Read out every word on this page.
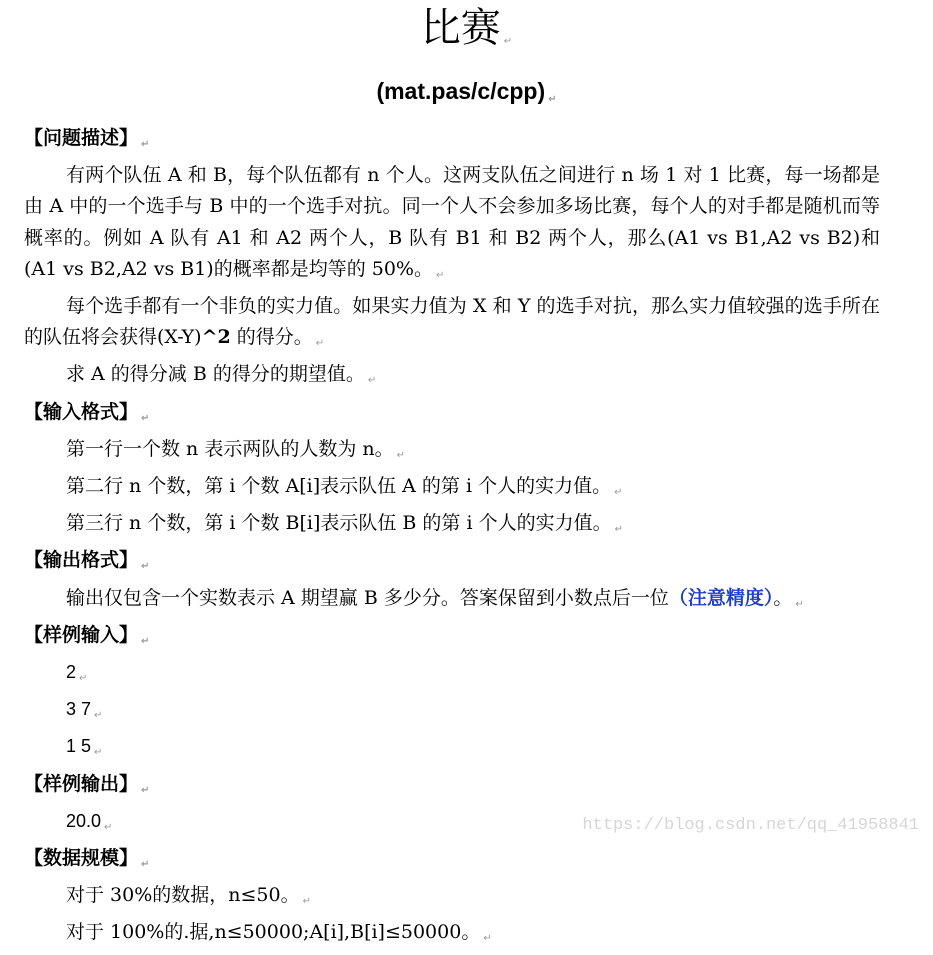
比赛 ↵
(mat.pas/c/cpp) ↵

【问题描述】 ↵

有两个队伍 A 和 B，每个队伍都有 n 个人。这两支队伍之间进行 n 场 1 对 1 比赛，每一场都是由 A 中的一个选手与 B 中的一个选手对抗。同一个人不会参加多场比赛，每个人的对手都是随机而等概率的。例如 A 队有 A1 和 A2 两个人，B 队有 B1 和 B2 两个人，那么(A1 vs B1,A2 vs B2)和(A1 vs B2,A2 vs B1)的概率都是均等的 50%。 ↵

每个选手都有一个非负的实力值。如果实力值为 X 和 Y 的选手对抗，那么实力值较强的选手所在的队伍将会获得(X-Y)^2 的得分。 ↵

求 A 的得分减 B 的得分的期望值。 ↵

【输入格式】 ↵

第一行一个数 n 表示两队的人数为 n。 ↵

第二行 n 个数，第 i 个数 A[i]表示队伍 A 的第 i 个人的实力值。 ↵

第三行 n 个数，第 i 个数 B[i]表示队伍 B 的第 i 个人的实力值。 ↵

【输出格式】 ↵

输出仅包含一个实数表示 A 期望赢 B 多少分。答案保留到小数点后一位（注意精度）。 ↵

【样例输入】 ↵

2 ↵

3 7 ↵

1 5 ↵

【样例输出】 ↵

20.0 ↵

【数据规模】 ↵

对于 30%的数据，n≤50。 ↵

对于 100%的.据,n≤50000;A[i],B[i]≤50000。 ↵

https://blog.csdn.net/qq_41958841
